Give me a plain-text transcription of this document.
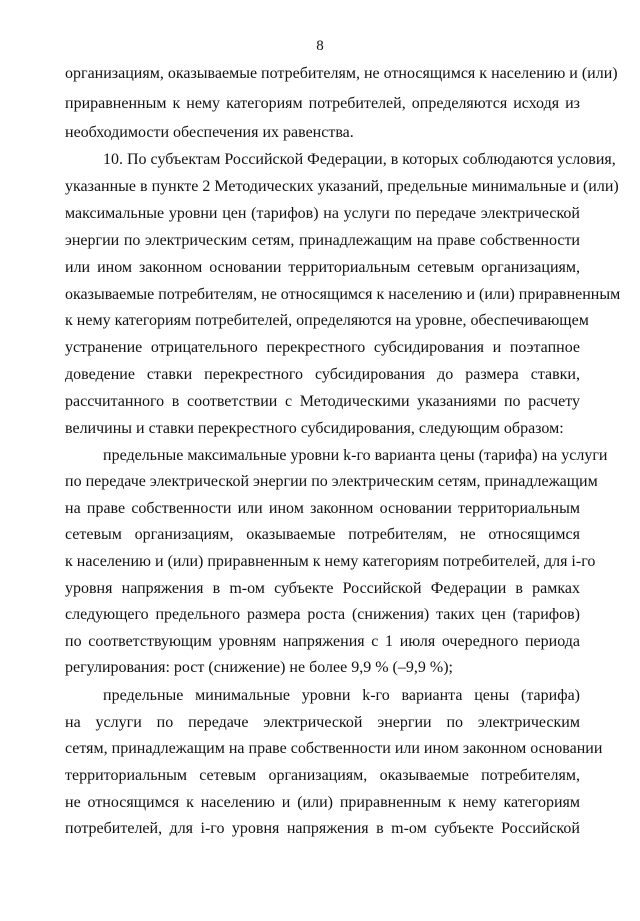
8
организациям, оказываемые потребителям, не относящимся к населению и (или)
приравненным к нему категориям потребителей, определяются исходя из
необходимости обеспечения их равенства.
10. По субъектам Российской Федерации, в которых соблюдаются условия,
указанные в пункте 2 Методических указаний, предельные минимальные и (или)
максимальные уровни цен (тарифов) на услуги по передаче электрической
энергии по электрическим сетям, принадлежащим на праве собственности
или ином законном основании территориальным сетевым организациям,
оказываемые потребителям, не относящимся к населению и (или) приравненным
к нему категориям потребителей, определяются на уровне, обеспечивающем
устранение отрицательного перекрестного субсидирования и поэтапное
доведение ставки перекрестного субсидирования до размера ставки,
рассчитанного в соответствии с Методическими указаниями по расчету
величины и ставки перекрестного субсидирования, следующим образом:
предельные максимальные уровни k-го варианта цены (тарифа) на услуги
по передаче электрической энергии по электрическим сетям, принадлежащим
на праве собственности или ином законном основании территориальным
сетевым организациям, оказываемые потребителям, не относящимся
к населению и (или) приравненным к нему категориям потребителей, для i-го
уровня напряжения в m-ом субъекте Российской Федерации в рамках
следующего предельного размера роста (снижения) таких цен (тарифов)
по соответствующим уровням напряжения с 1 июля очередного периода
регулирования: рост (снижение) не более 9,9 % (–9,9 %);
предельные минимальные уровни k-го варианта цены (тарифа)
на услуги по передаче электрической энергии по электрическим
сетям, принадлежащим на праве собственности или ином законном основании
территориальным сетевым организациям, оказываемые потребителям,
не относящимся к населению и (или) приравненным к нему категориям
потребителей, для i-го уровня напряжения в m-ом субъекте Российской
